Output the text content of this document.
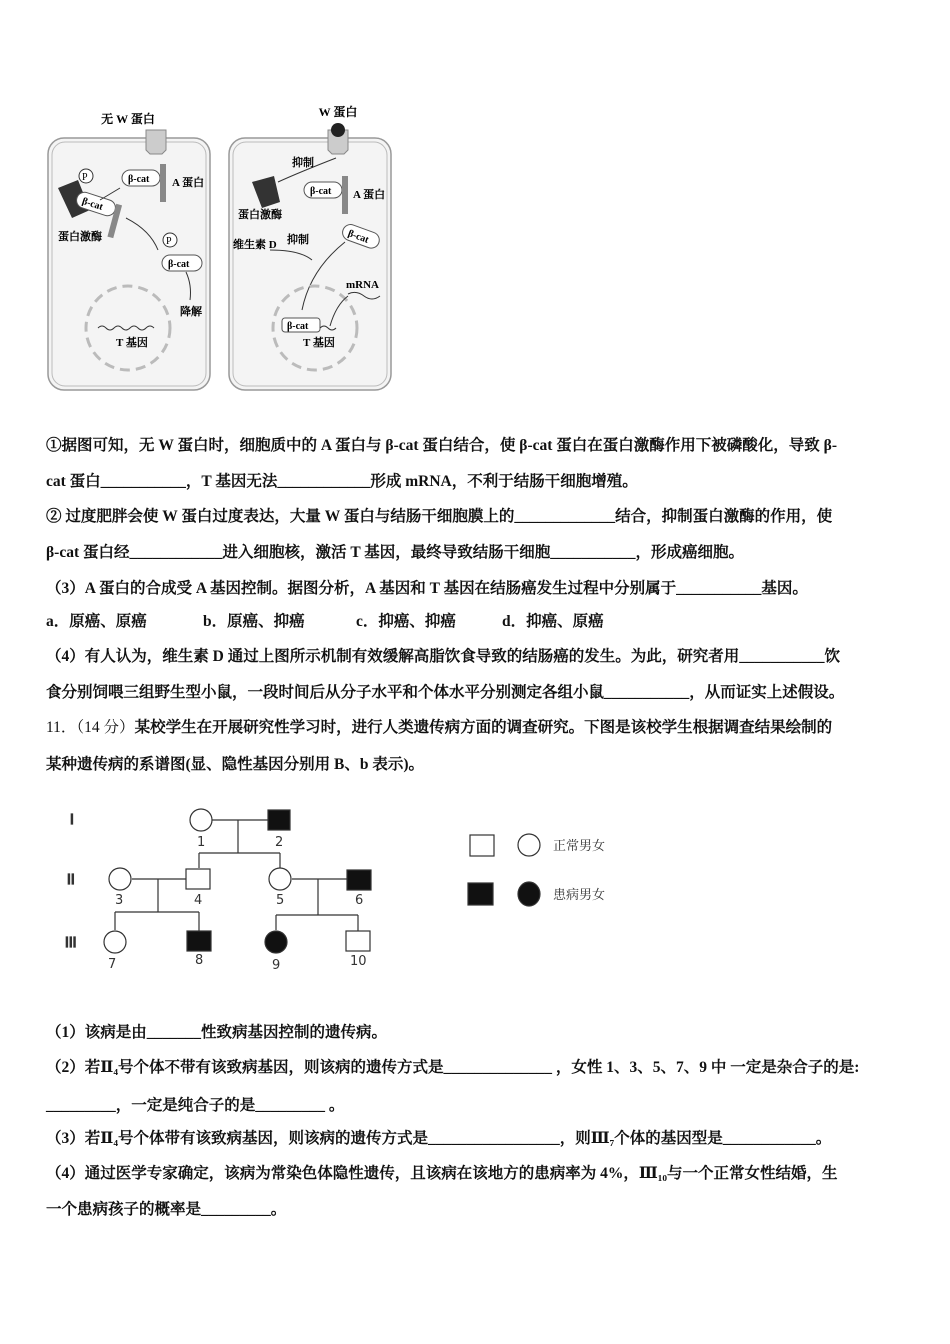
无 W 蛋白
β-cat A 蛋白
P
β-cat
蛋白激酶	P
β-cat
降解
T 基因
W 蛋白
抑制
蛋白激酶
β-cat A 蛋白
维生素 D 抑制	β-cat
mRNA
β-cat
T 基因
①据图可知，无 W 蛋白时，细胞质中的 A 蛋白与 β-cat 蛋白结合，使 β-cat 蛋白在蛋白激酶作用下被磷酸化，导致 β-
cat 蛋白___________，T 基因无法____________形成 mRNA，不利于结肠干细胞增殖。
② 过度肥胖会使 W 蛋白过度表达，大量 W 蛋白与结肠干细胞膜上的_____________结合，抑制蛋白激酶的作用，使
β-cat 蛋白经____________进入细胞核，激活 T 基因，最终导致结肠干细胞___________，形成癌细胞。
（3）A 蛋白的合成受 A 基因控制。据图分析，A 基因和 T 基因在结肠癌发生过程中分别属于___________基因。
a．原癌、原癌	b．原癌、抑癌	c．抑癌、抑癌	d．抑癌、原癌
（4）有人认为，维生素 D 通过上图所示机制有效缓解高脂饮食导致的结肠癌的发生。为此，研究者用___________饮
食分别饲喂三组野生型小鼠，一段时间后从分子水平和个体水平分别测定各组小鼠___________，从而证实上述假设。
11．（14 分）某校学生在开展研究性学习时，进行人类遗传病方面的调查研究。下图是该校学生根据调查结果绘制的
某种遗传病的系谱图(显、隐性基因分别用 B、b 表示)。
I
II
III
1	2
3	4	5	6
7	8	9	10
正常男女
患病男女
（1）该病是由_______性致病基因控制的遗传病。
（2）若Ⅱ₄号个体不带有该致病基因，则该病的遗传方式是______________ ，女性 1、3、5、7、9 中 一定是杂合子的是:
_________，一定是纯合子的是_________ 。
（3）若Ⅱ₄号个体带有该致病基因，则该病的遗传方式是_________________，则Ⅲ₇个体的基因型是____________。
（4）通过医学专家确定，该病为常染色体隐性遗传，且该病在该地方的患病率为 4%，Ⅲ₁₀与一个正常女性结婚，生
一个患病孩子的概率是_________。
